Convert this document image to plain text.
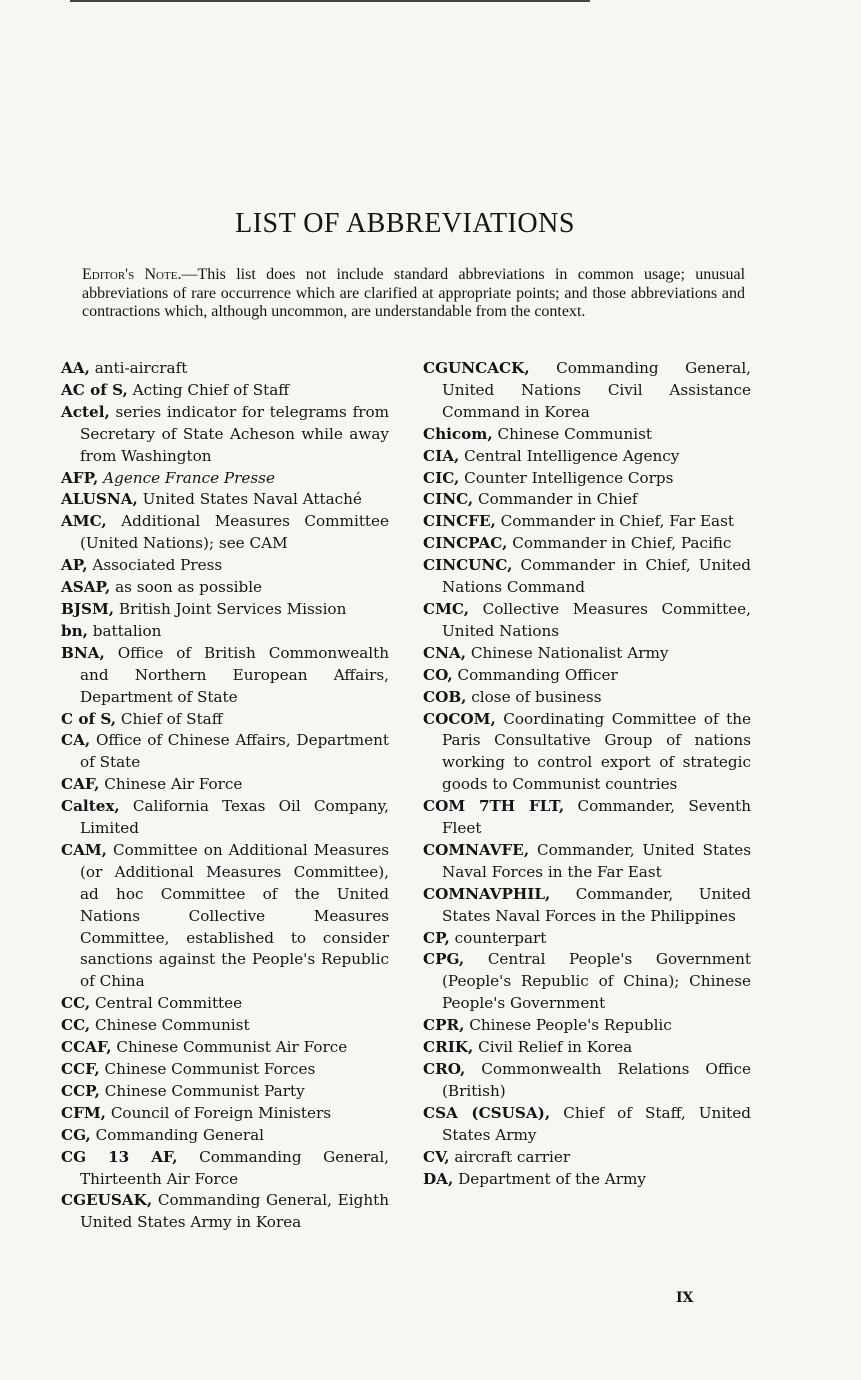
LIST OF ABBREVIATIONS

Editor's Note.—This list does not include standard abbreviations in common usage; unusual abbreviations of rare occurrence which are clarified at appropriate points; and those abbreviations and contractions which, although uncommon, are understandable from the context.

AA, anti-aircraft

AC of S, Acting Chief of Staff

Actel, series indicator for telegrams from Secretary of State Acheson while away from Washington

AFP, Agence France Presse

ALUSNA, United States Naval Attaché

AMC, Additional Measures Committee (United Nations); see CAM

AP, Associated Press

ASAP, as soon as possible

BJSM, British Joint Services Mission

bn, battalion

BNA, Office of British Commonwealth and Northern European Affairs, Department of State

C of S, Chief of Staff

CA, Office of Chinese Affairs, Department of State

CAF, Chinese Air Force

Caltex, California Texas Oil Company, Limited

CAM, Committee on Additional Measures (or Additional Measures Committee), ad hoc Committee of the United Nations Collective Measures Committee, established to consider sanctions against the People's Republic of China

CC, Central Committee

CC, Chinese Communist

CCAF, Chinese Communist Air Force

CCF, Chinese Communist Forces

CCP, Chinese Communist Party

CFM, Council of Foreign Ministers

CG, Commanding General

CG 13 AF, Commanding General, Thirteenth Air Force

CGEUSAK, Commanding General, Eighth United States Army in Korea

CGUNCACK, Commanding General, United Nations Civil Assistance Command in Korea

Chicom, Chinese Communist

CIA, Central Intelligence Agency

CIC, Counter Intelligence Corps

CINC, Commander in Chief

CINCFE, Commander in Chief, Far East

CINCPAC, Commander in Chief, Pacific

CINCUNC, Commander in Chief, United Nations Command

CMC, Collective Measures Committee, United Nations

CNA, Chinese Nationalist Army

CO, Commanding Officer

COB, close of business

COCOM, Coordinating Committee of the Paris Consultative Group of nations working to control export of strategic goods to Communist countries

COM 7TH FLT, Commander, Seventh Fleet

COMNAVFE, Commander, United States Naval Forces in the Far East

COMNAVPHIL, Commander, United States Naval Forces in the Philippines

CP, counterpart

CPG, Central People's Government (People's Republic of China); Chinese People's Government

CPR, Chinese People's Republic

CRIK, Civil Relief in Korea

CRO, Commonwealth Relations Office (British)

CSA (CSUSA), Chief of Staff, United States Army

CV, aircraft carrier

DA, Department of the Army

IX
